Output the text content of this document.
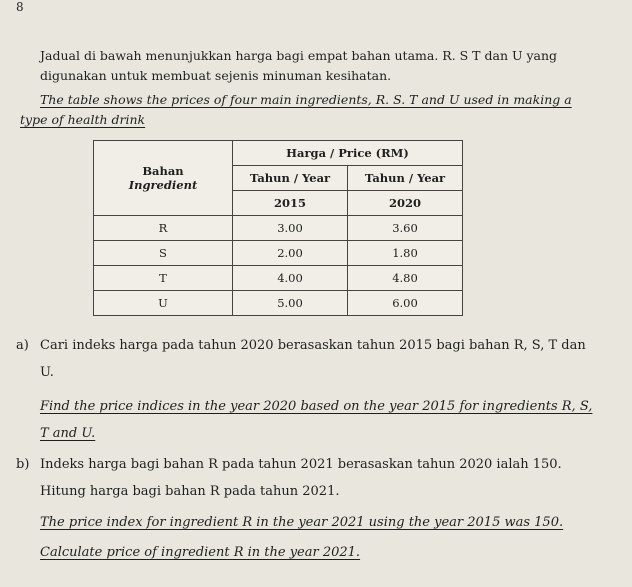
8
Jadual di bawah menunjukkan harga bagi empat bahan utama. R. S T dan U yang
digunakan untuk membuat sejenis minuman kesihatan.
The table shows the prices of four main ingredients, R. S. T and U used in making a
type of health drink
Bahan
Ingredient	Harga / Price (RM)	
	Tahun / Year	Tahun / Year
	2015	2020
R	3.00	3.60
S	2.00	1.80
T	4.00	4.80
U	5.00	6.00
a) Cari indeks harga pada tahun 2020 berasaskan tahun 2015 bagi bahan R, S, T dan
U.
Find the price indices in the year 2020 based on the year 2015 for ingredients R, S,
T and U.
b) Indeks harga bagi bahan R pada tahun 2021 berasaskan tahun 2020 ialah 150.
Hitung harga bagi bahan R pada tahun 2021.
The price index for ingredient R in the year 2021 using the year 2015 was 150.
Calculate price of ingredient R in the year 2021.
